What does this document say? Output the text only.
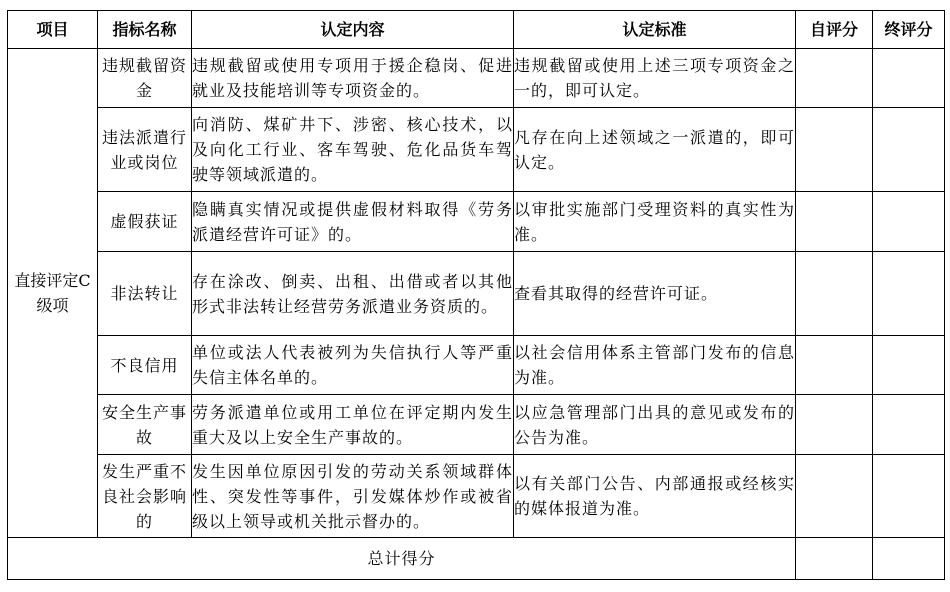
项目	指标名称	认定内容	认定标准	自评分	终评分
直接评定C级项	违规截留资金	违规截留或使用专项用于援企稳岗、促进就业及技能培训等专项资金的。	违规截留或使用上述三项专项资金之一的，即可认定。		
	违法派遣行业或岗位	向消防、煤矿井下、涉密、核心技术，以及向化工行业、客车驾驶、危化品货车驾驶等领域派遣的。	凡存在向上述领域之一派遣的，即可认定。		
	虚假获证	隐瞒真实情况或提供虚假材料取得《劳务派遣经营许可证》的。	以审批实施部门受理资料的真实性为准。		
	非法转让	存在涂改、倒卖、出租、出借或者以其他形式非法转让经营劳务派遣业务资质的。	查看其取得的经营许可证。		
	不良信用	单位或法人代表被列为失信执行人等严重失信主体名单的。	以社会信用体系主管部门发布的信息为准。		
	安全生产事故	劳务派遣单位或用工单位在评定期内发生重大及以上安全生产事故的。	以应急管理部门出具的意见或发布的公告为准。		
	发生严重不良社会影响的	发生因单位原因引发的劳动关系领域群体性、突发性等事件，引发媒体炒作或被省级以上领导或机关批示督办的。	以有关部门公告、内部通报或经核实的媒体报道为准。		
总计得分					
